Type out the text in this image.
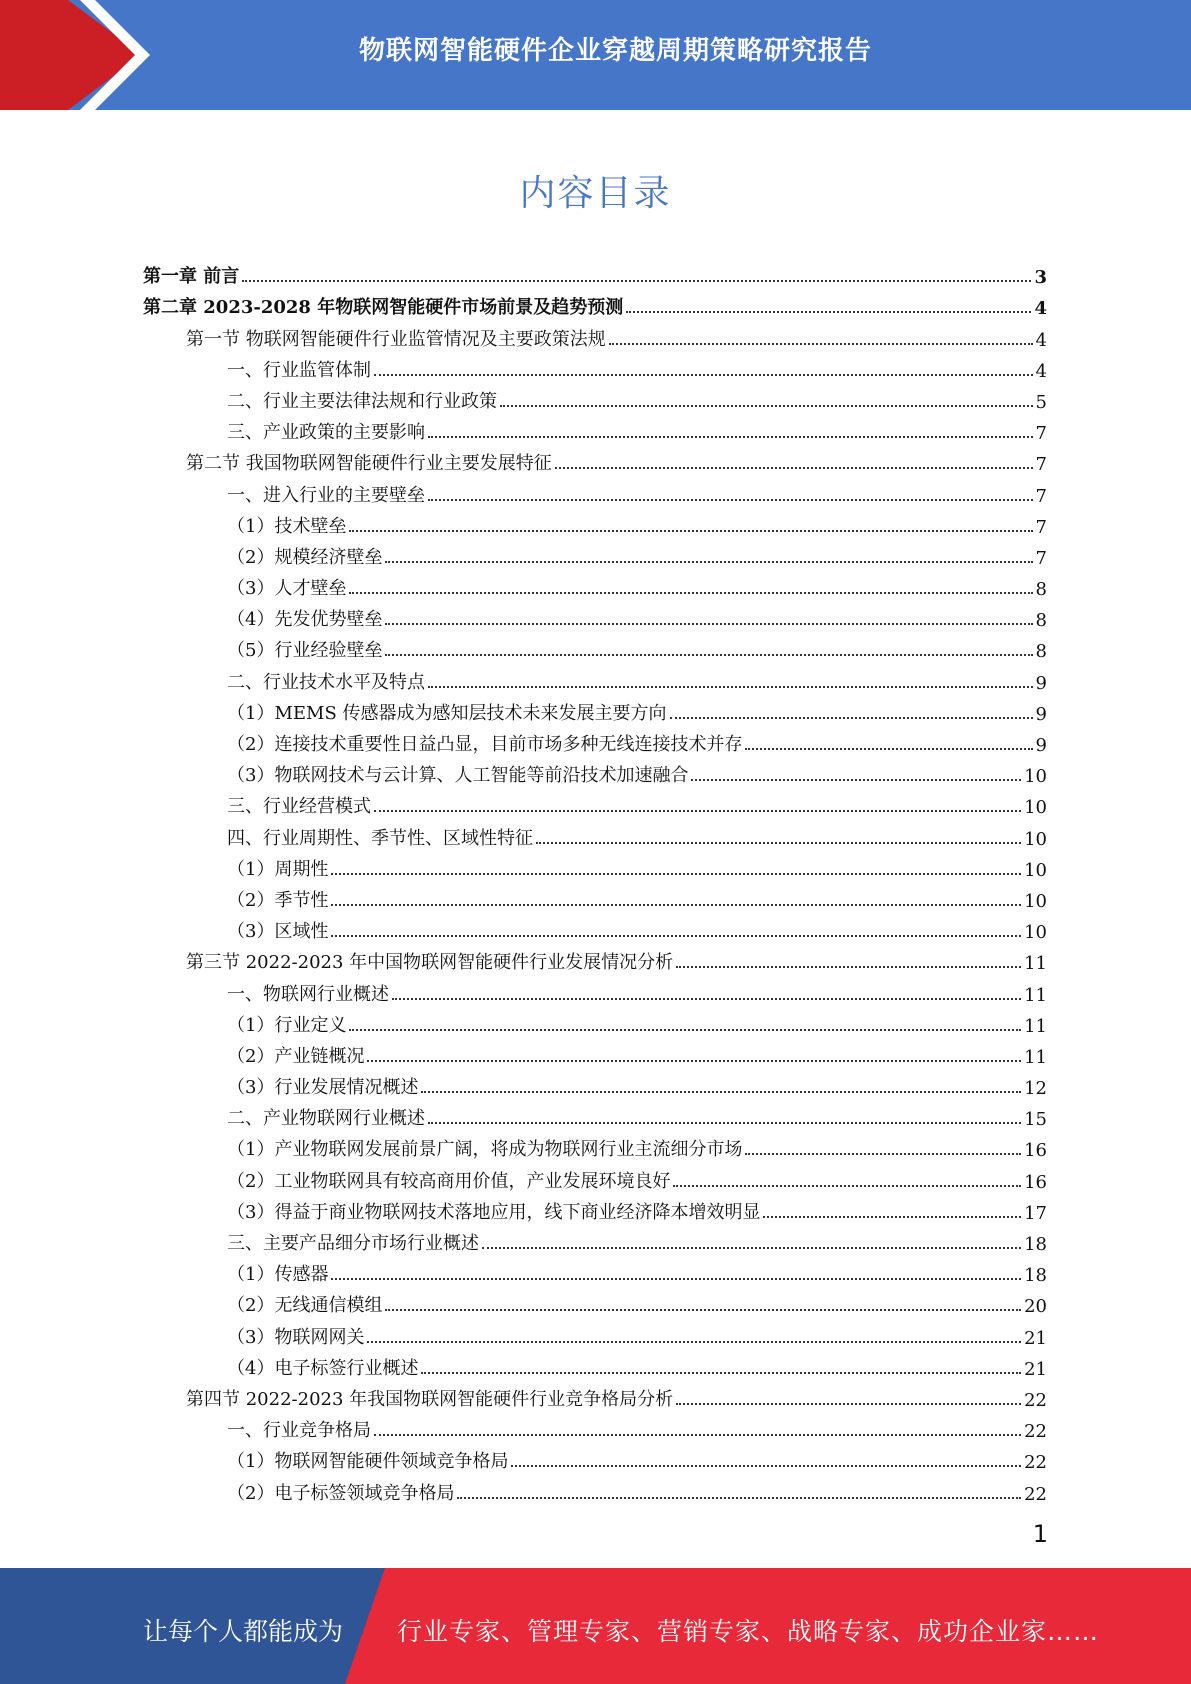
物联网智能硬件企业穿越周期策略研究报告
内容目录
第一章 前言	3
第二章 2023-2028 年物联网智能硬件市场前景及趋势预测	4
第一节 物联网智能硬件行业监管情况及主要政策法规	4
一、行业监管体制	4
二、行业主要法律法规和行业政策	5
三、产业政策的主要影响	7
第二节 我国物联网智能硬件行业主要发展特征	7
一、进入行业的主要壁垒	7
（1）技术壁垒	7
（2）规模经济壁垒	7
（3）人才壁垒	8
（4）先发优势壁垒	8
（5）行业经验壁垒	8
二、行业技术水平及特点	9
（1）MEMS 传感器成为感知层技术未来发展主要方向	9
（2）连接技术重要性日益凸显，目前市场多种无线连接技术并存	9
（3）物联网技术与云计算、人工智能等前沿技术加速融合	10
三、行业经营模式	10
四、行业周期性、季节性、区域性特征	10
（1）周期性	10
（2）季节性	10
（3）区域性	10
第三节 2022-2023 年中国物联网智能硬件行业发展情况分析	11
一、物联网行业概述	11
（1）行业定义	11
（2）产业链概况	11
（3）行业发展情况概述	12
二、产业物联网行业概述	15
（1）产业物联网发展前景广阔，将成为物联网行业主流细分市场	16
（2）工业物联网具有较高商用价值，产业发展环境良好	16
（3）得益于商业物联网技术落地应用，线下商业经济降本增效明显	17
三、主要产品细分市场行业概述	18
（1）传感器	18
（2）无线通信模组	20
（3）物联网网关	21
（4）电子标签行业概述	21
第四节 2022-2023 年我国物联网智能硬件行业竞争格局分析	22
一、行业竞争格局	22
（1）物联网智能硬件领域竞争格局	22
（2）电子标签领域竞争格局	22
1
让每个人都能成为 行业专家、管理专家、营销专家、战略专家、成功企业家……
